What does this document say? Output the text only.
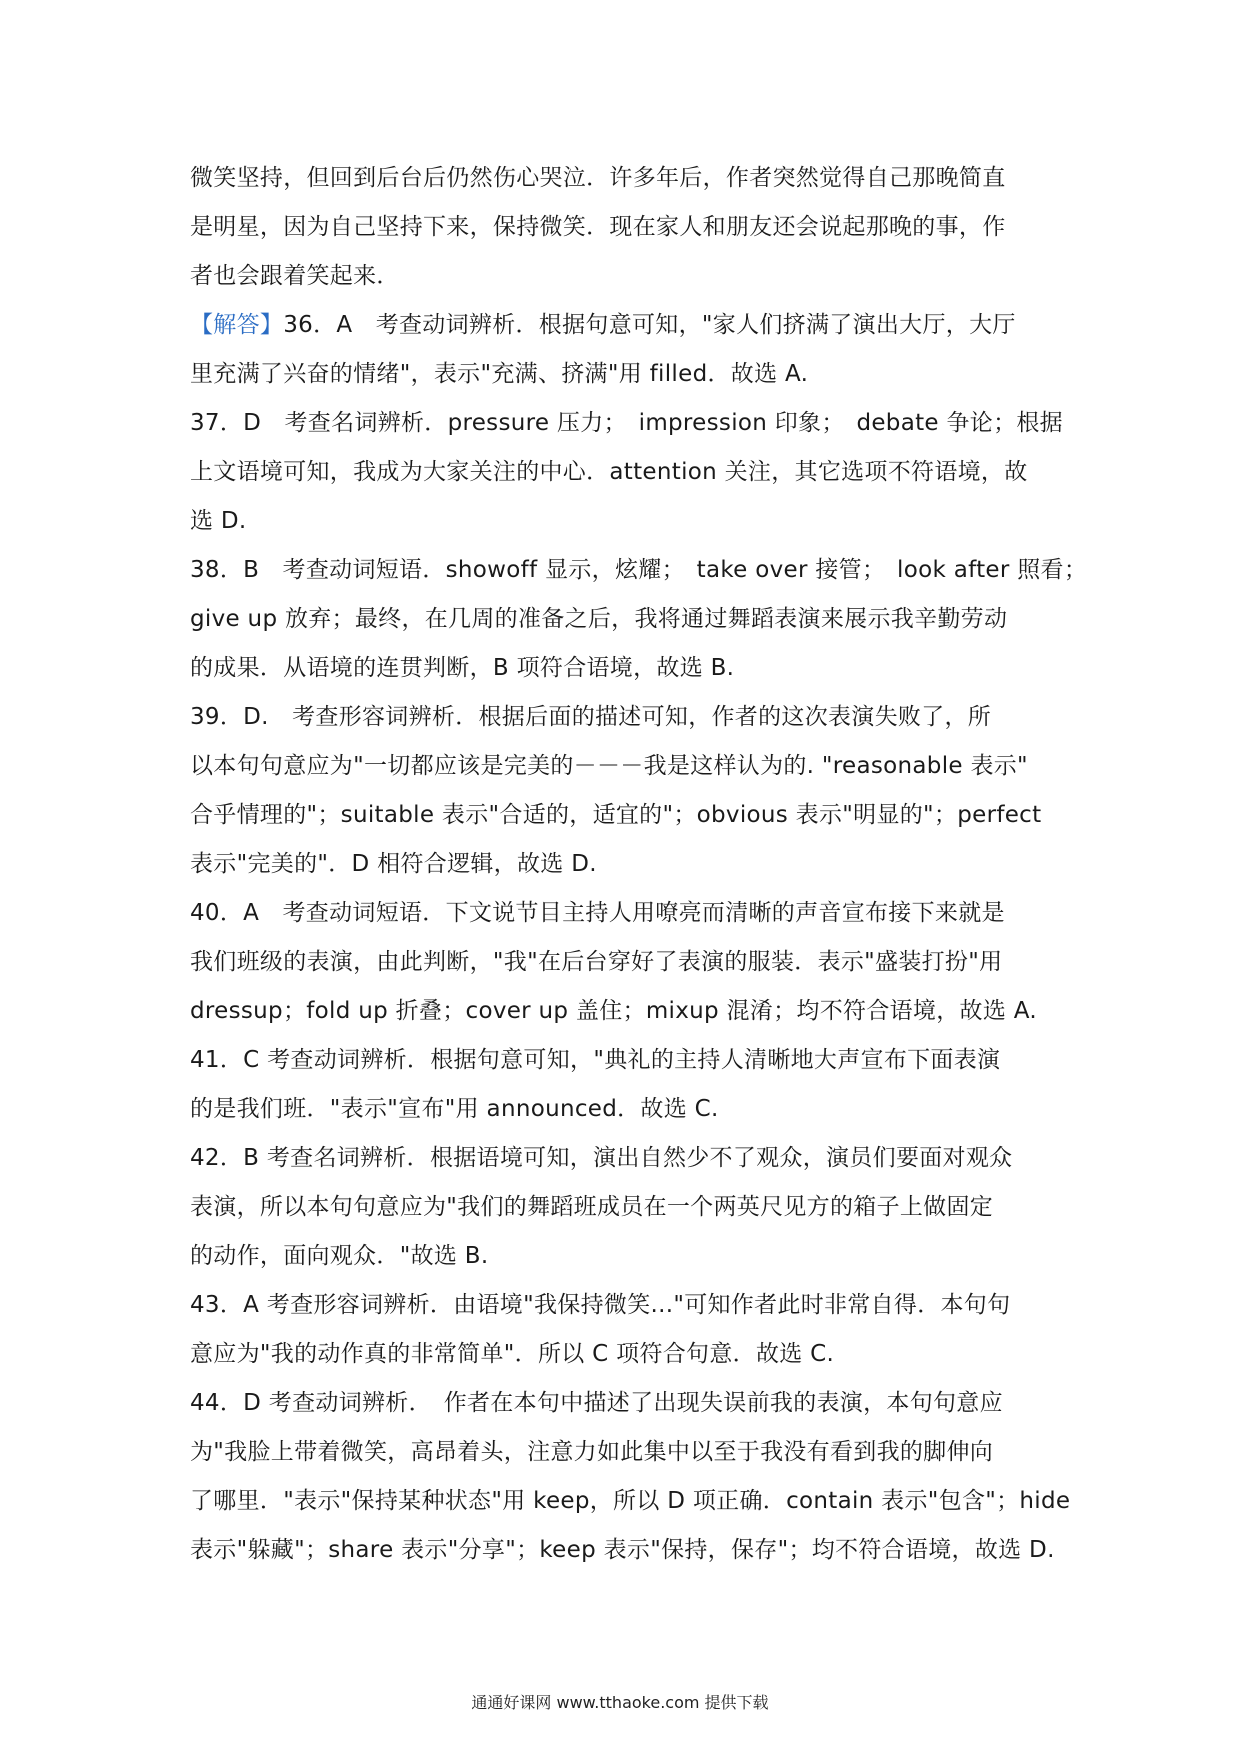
微笑坚持，但回到后台后仍然伤心哭泣．许多年后，作者突然觉得自己那晚简直
是明星，因为自己坚持下来，保持微笑．现在家人和朋友还会说起那晚的事，作
者也会跟着笑起来．
【解答】36．A　考查动词辨析．根据句意可知，"家人们挤满了演出大厅，大厅
里充满了兴奋的情绪"，表示"充满、挤满"用 filled．故选 A.
37．D　考查名词辨析．pressure 压力；　impression 印象；　debate 争论；根据
上文语境可知，我成为大家关注的中心．attention 关注，其它选项不符语境，故
选 D.
38．B　考查动词短语．showoff 显示，炫耀；　take over 接管；　look after 照看；
give up 放弃；最终，在几周的准备之后，我将通过舞蹈表演来展示我辛勤劳动
的成果．从语境的连贯判断，B 项符合语境，故选 B.
39．D.　考查形容词辨析．根据后面的描述可知，作者的这次表演失败了，所
以本句句意应为"一切都应该是完美的－－－我是这样认为的. "reasonable 表示"
合乎情理的"；suitable 表示"合适的，适宜的"；obvious 表示"明显的"；perfect
表示"完美的"．D 相符合逻辑，故选 D.
40．A　考查动词短语．下文说节目主持人用嘹亮而清晰的声音宣布接下来就是
我们班级的表演，由此判断，"我"在后台穿好了表演的服装．表示"盛装打扮"用
dressup；fold up 折叠；cover up 盖住；mixup 混淆；均不符合语境，故选 A.
41．C 考查动词辨析．根据句意可知，"典礼的主持人清晰地大声宣布下面表演
的是我们班．"表示"宣布"用 announced．故选 C.
42．B 考查名词辨析．根据语境可知，演出自然少不了观众，演员们要面对观众
表演，所以本句句意应为"我们的舞蹈班成员在一个两英尺见方的箱子上做固定
的动作，面向观众．"故选 B.
43．A 考查形容词辨析．由语境"我保持微笑..."可知作者此时非常自得．本句句
意应为"我的动作真的非常简单"．所以 C 项符合句意．故选 C.
44．D 考查动词辨析．　作者在本句中描述了出现失误前我的表演，本句句意应
为"我脸上带着微笑，高昂着头，注意力如此集中以至于我没有看到我的脚伸向
了哪里．"表示"保持某种状态"用 keep，所以 D 项正确．contain 表示"包含"；hide
表示"躲藏"；share 表示"分享"；keep 表示"保持，保存"；均不符合语境，故选 D.
通通好课网 www.tthaoke.com 提供下载
